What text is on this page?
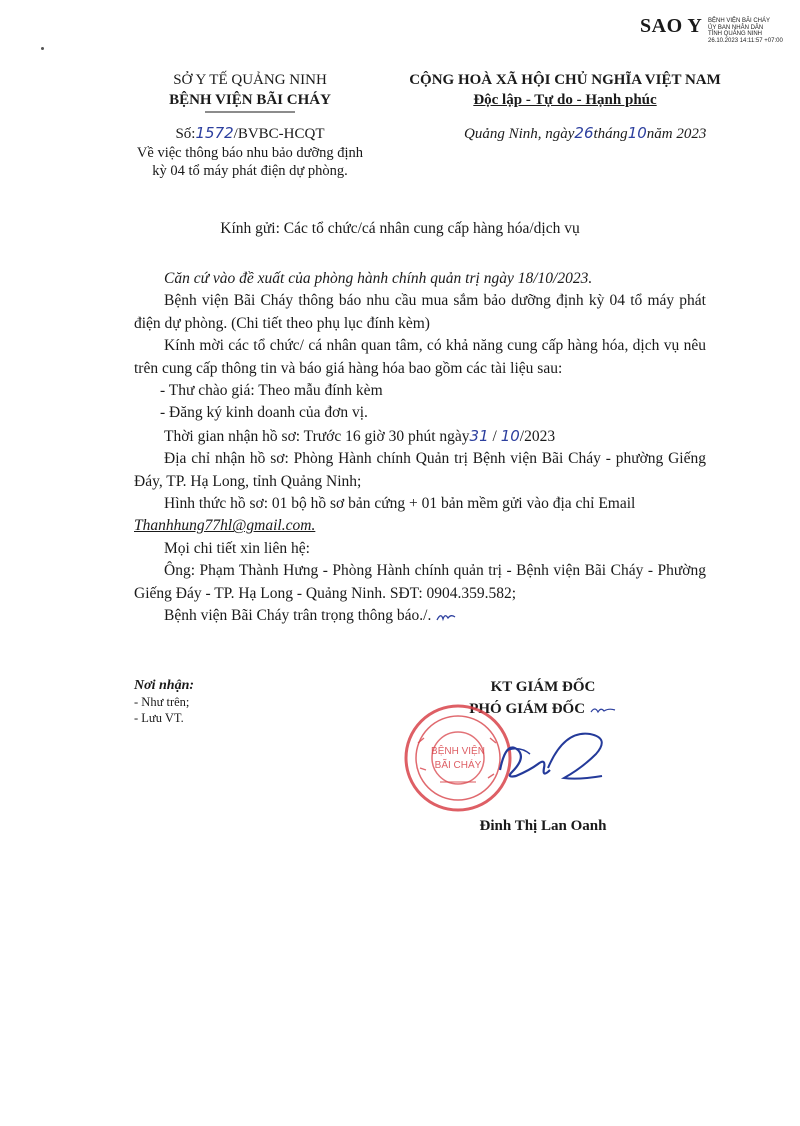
SAO Y BỆNH VIỆN BÃI CHÁY
ỦY BAN NHÂN DÂN
TỈNH QUẢNG NINH
26.10.2023 14:11:57 +07:00
SỞ Y TẾ QUẢNG NINH
BỆNH VIỆN BÃI CHÁY
CỘNG HOÀ XÃ HỘI CHỦ NGHĨA VIỆT NAM
Độc lập - Tự do - Hạnh phúc
Số:1572/BVBC-HCQT
Về việc thông báo nhu bảo dưỡng định
kỳ 04 tổ máy phát điện dự phòng.
Quảng Ninh, ngày26tháng10năm 2023
Kính gửi: Các tổ chức/cá nhân cung cấp hàng hóa/dịch vụ

Căn cứ vào đề xuất của phòng hành chính quản trị ngày 18/10/2023.

Bệnh viện Bãi Cháy thông báo nhu cầu mua sắm bảo dưỡng định kỳ 04 tổ máy phát điện dự phòng. (Chi tiết theo phụ lục đính kèm)

Kính mời các tổ chức/ cá nhân quan tâm, có khả năng cung cấp hàng hóa, dịch vụ nêu trên cung cấp thông tin và báo giá hàng hóa bao gồm các tài liệu sau:

- Thư chào giá: Theo mẫu đính kèm

- Đăng ký kinh doanh của đơn vị.

Thời gian nhận hồ sơ: Trước 16 giờ 30 phút ngày31 / 10/2023

Địa chỉ nhận hồ sơ: Phòng Hành chính Quản trị Bệnh viện Bãi Cháy - phường Giếng Đáy, TP. Hạ Long, tỉnh Quảng Ninh;

Hình thức hồ sơ: 01 bộ hồ sơ bản cứng + 01 bản mềm gửi vào địa chỉ Email

Thanhhung77hl@gmail.com.

Mọi chi tiết xin liên hệ:

Ông: Phạm Thành Hưng - Phòng Hành chính quản trị - Bệnh viện Bãi Cháy - Phường Giếng Đáy - TP. Hạ Long - Quảng Ninh. SĐT: 0904.359.582;

Bệnh viện Bãi Cháy trân trọng thông báo./.

Nơi nhận:
- Như trên;
- Lưu VT.
KT GIÁM ĐỐC
PHÓ GIÁM ĐỐC
BỆNH VIỆN
BÃI CHÁY
Đinh Thị Lan Oanh
